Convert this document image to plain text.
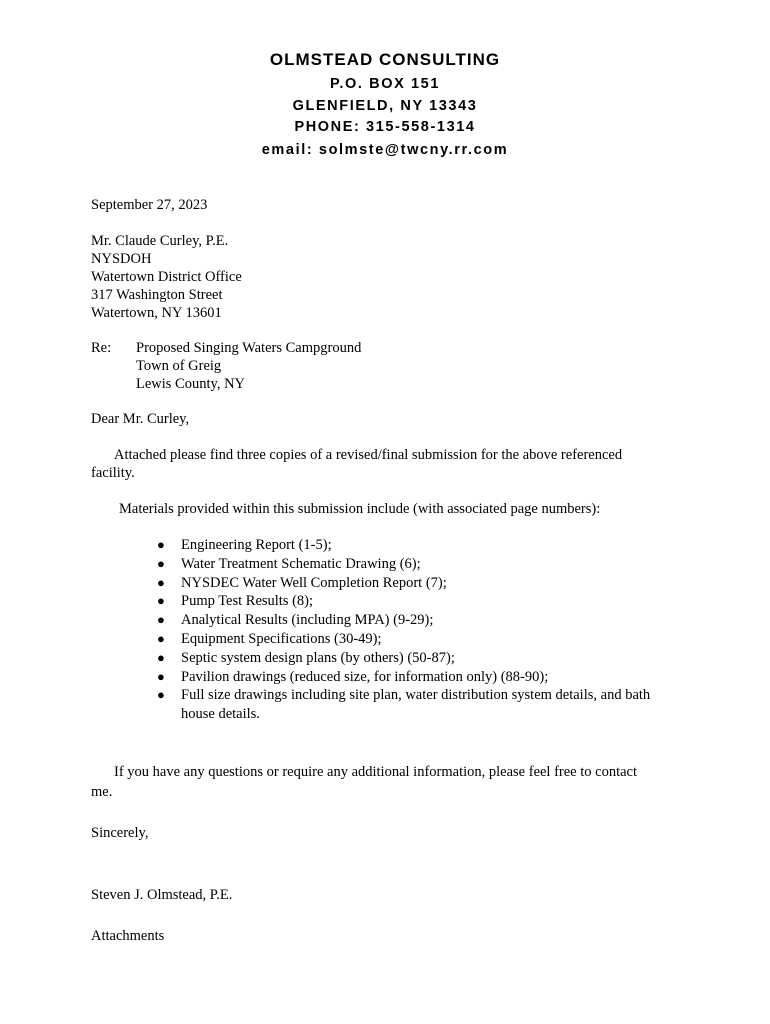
OLMSTEAD CONSULTING
P.O. BOX 151
GLENFIELD, NY 13343
PHONE: 315-558-1314
email: solmste@twcny.rr.com
September 27, 2023
Mr. Claude Curley, P.E.
NYSDOH
Watertown District Office
317 Washington Street
Watertown, NY 13601
Re: Proposed Singing Waters Campground
Town of Greig
Lewis County, NY
Dear Mr. Curley,
Attached please find three copies of a revised/final submission for the above referenced
facility.
Materials provided within this submission include (with associated page numbers):
● Engineering Report (1-5);
● Water Treatment Schematic Drawing (6);
● NYSDEC Water Well Completion Report (7);
● Pump Test Results (8);
● Analytical Results (including MPA) (9-29);
● Equipment Specifications (30-49);
● Septic system design plans (by others) (50-87);
● Pavilion drawings (reduced size, for information only) (88-90);
● Full size drawings including site plan, water distribution system details, and bath
house details.
If you have any questions or require any additional information, please feel free to contact
me.
Sincerely,
Steven J. Olmstead, P.E.
Attachments
